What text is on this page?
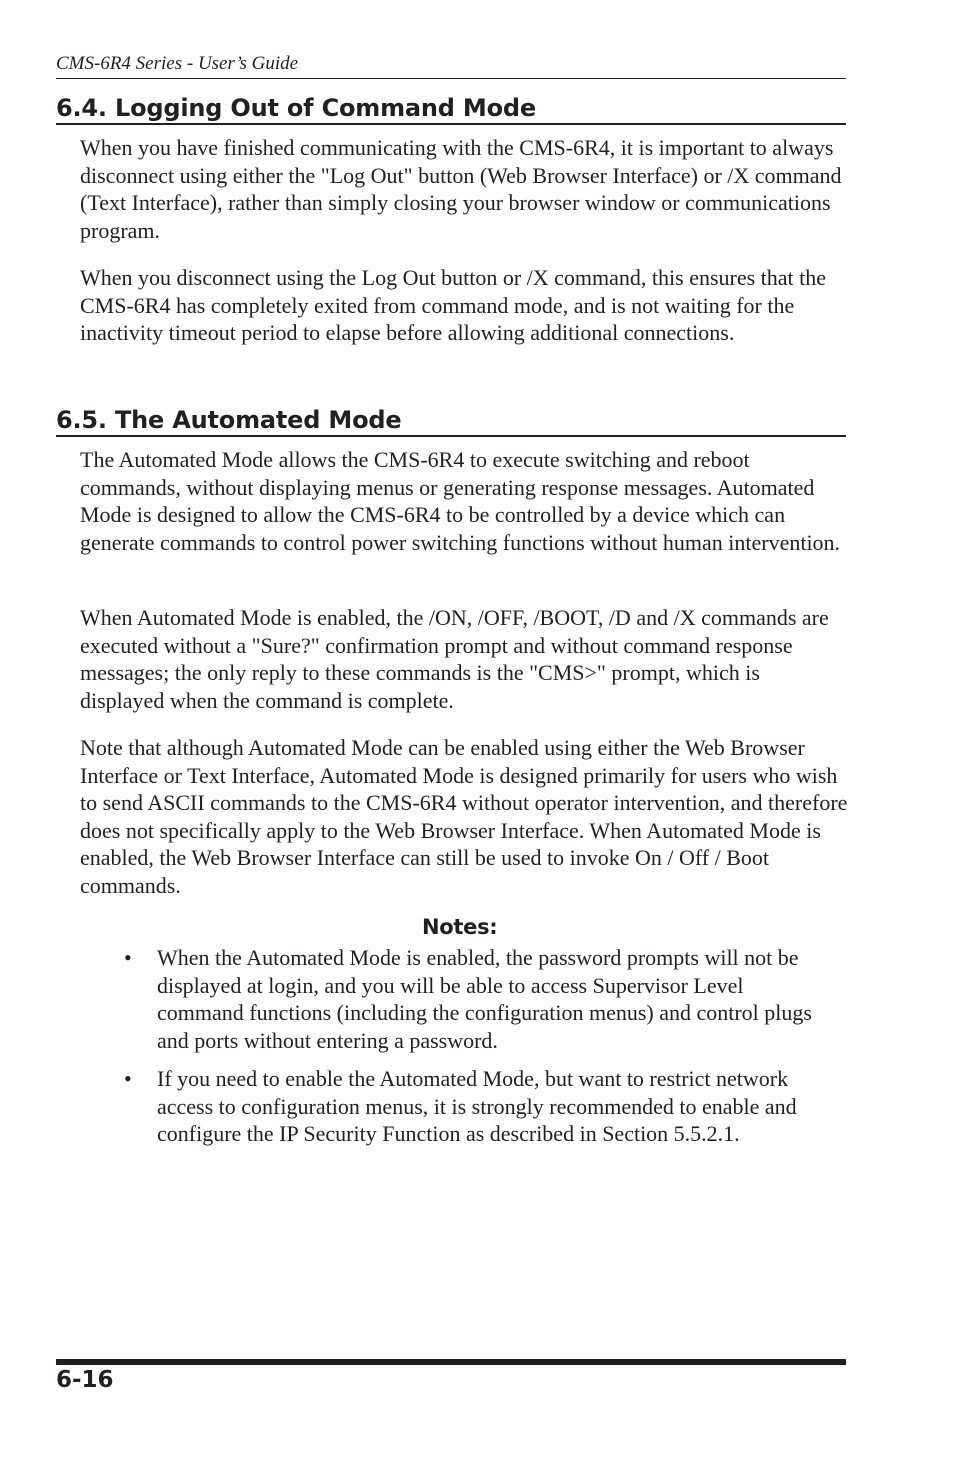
CMS-6R4 Series - User’s Guide
6.4. Logging Out of Command Mode

When you have finished communicating with the CMS-6R4, it is important to always disconnect using either the "Log Out" button (Web Browser Interface) or /X command (Text Interface), rather than simply closing your browser window or communications program.

When you disconnect using the Log Out button or /X command, this ensures that the CMS-6R4 has completely exited from command mode, and is not waiting for the inactivity timeout period to elapse before allowing additional connections.

6.5. The Automated Mode

The Automated Mode allows the CMS-6R4 to execute switching and reboot commands, without displaying menus or generating response messages. Automated Mode is designed to allow the CMS-6R4 to be controlled by a device which can generate commands to control power switching functions without human intervention.

When Automated Mode is enabled, the /ON, /OFF, /BOOT, /D and /X commands are executed without a "Sure?" confirmation prompt and without command response messages; the only reply to these commands is the "CMS>" prompt, which is displayed when the command is complete.

Note that although Automated Mode can be enabled using either the Web Browser Interface or Text Interface, Automated Mode is designed primarily for users who wish to send ASCII commands to the CMS-6R4 without operator intervention, and therefore does not specifically apply to the Web Browser Interface. When Automated Mode is enabled, the Web Browser Interface can still be used to invoke On / Off / Boot commands.

Notes:
• When the Automated Mode is enabled, the password prompts will not be displayed at login, and you will be able to access Supervisor Level command functions (including the configuration menus) and control plugs and ports without entering a password.
• If you need to enable the Automated Mode, but want to restrict network access to configuration menus, it is strongly recommended to enable and configure the IP Security Function as described in Section 5.5.2.1.
6-16
